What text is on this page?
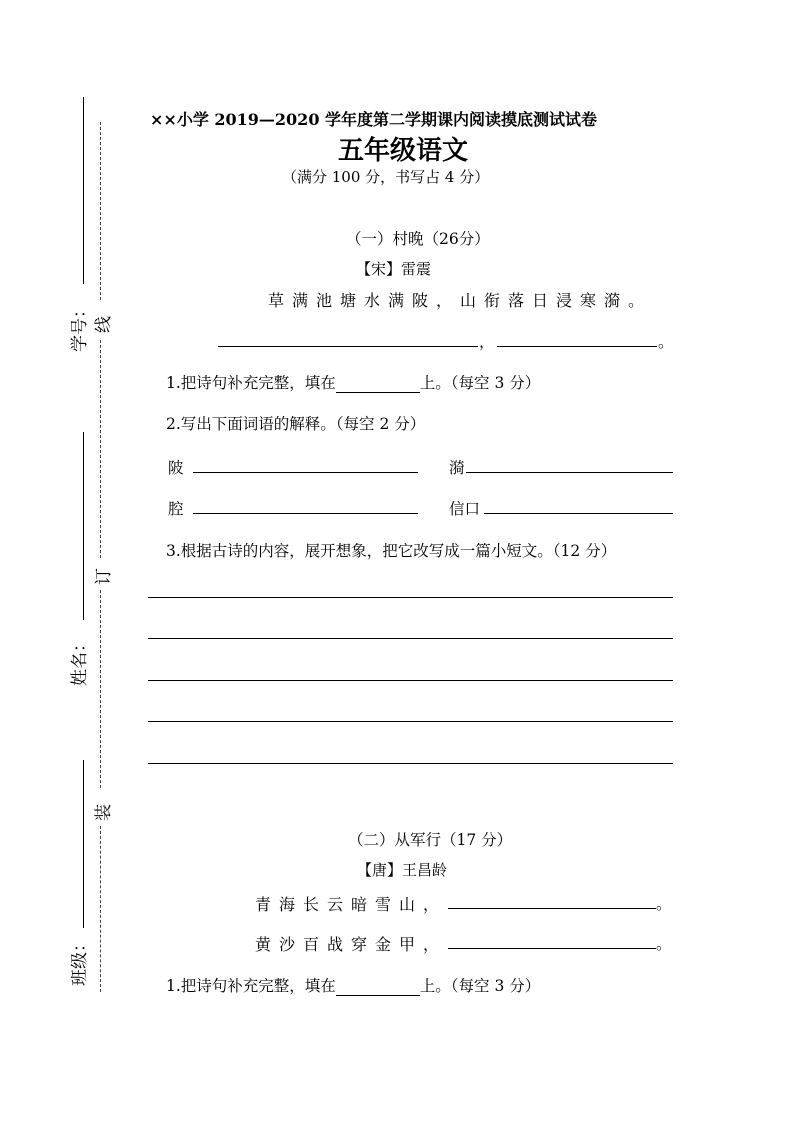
学号：
姓名：
班级：
线
订
装
××小学 2019—2020 学年度第二学期课内阅读摸底测试试卷
五年级语文
（满分 100 分，书写占 4 分）
（一）村晚（26分）
【宋】雷震
草满池塘水满陂，山衔落日浸寒漪。
，	。
1.把诗句补充完整，填在	上。（每空 3 分）
2.写出下面词语的解释。（每空 2 分）
陂	漪
腔	信口
3.根据古诗的内容，展开想象，把它改写成一篇小短文。（12 分）
（二）从军行（17 分）
【唐】王昌龄
青海长云暗雪山，	。
黄沙百战穿金甲，	。
1.把诗句补充完整，填在	上。（每空 3 分）
